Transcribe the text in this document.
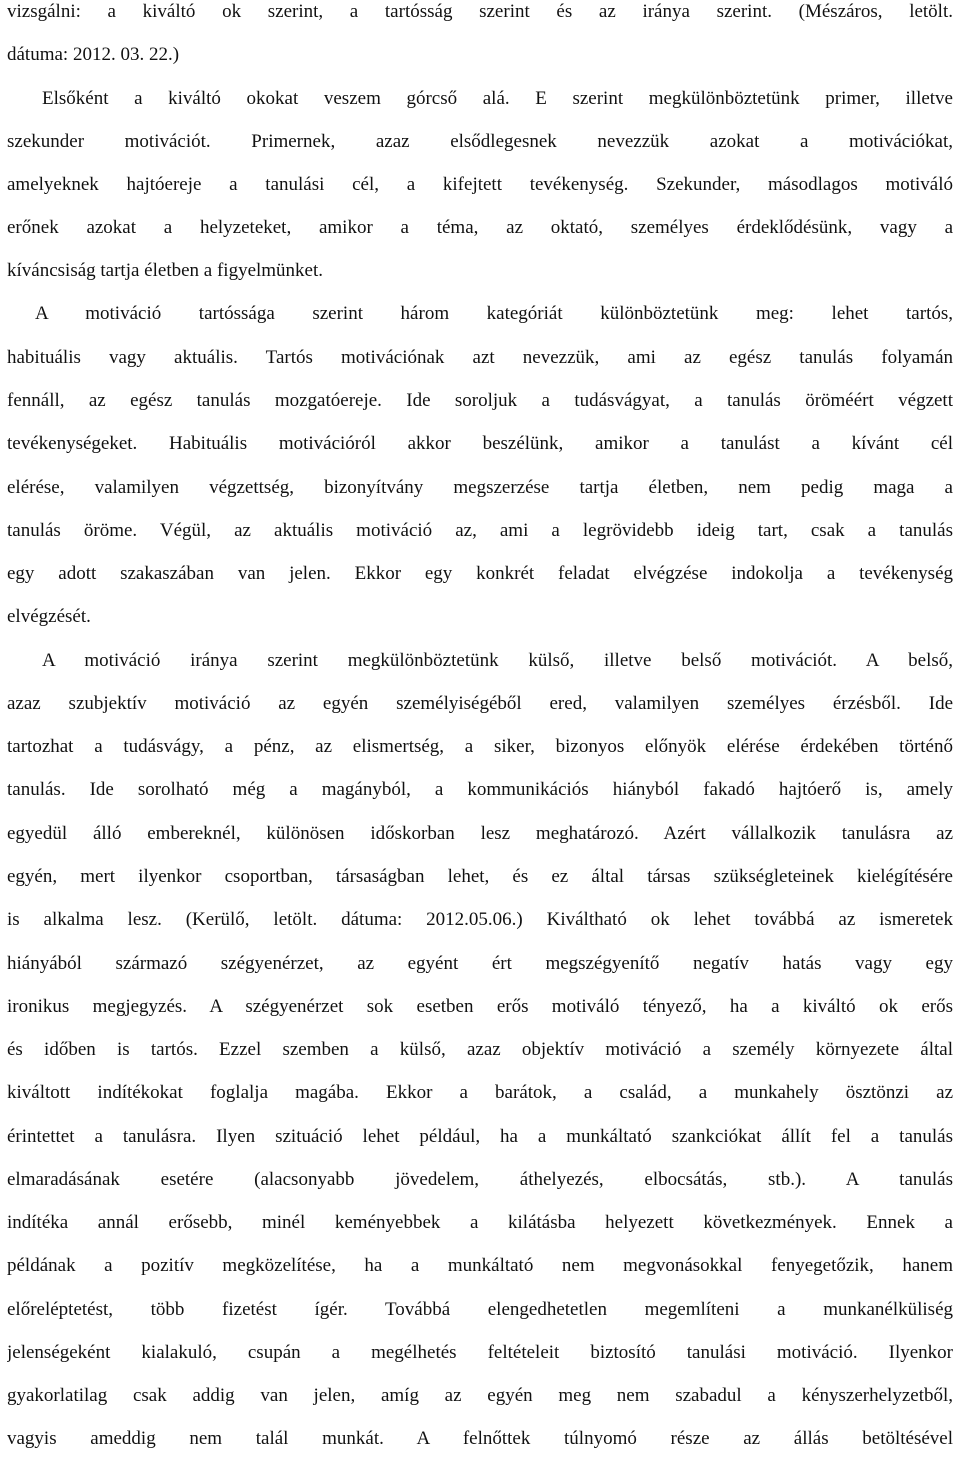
vizsgálni: a kiváltó ok szerint, a tartósság szerint és az iránya szerint. (Mészáros, letölt.
dátuma: 2012. 03. 22.)
Elsőként a kiváltó okokat veszem górcső alá. E szerint megkülönböztetünk primer, illetve
szekunder motivációt. Primernek, azaz elsődlegesnek nevezzük azokat a motivációkat,
amelyeknek hajtóereje a tanulási cél, a kifejtett tevékenység. Szekunder, másodlagos motiváló
erőnek azokat a helyzeteket, amikor a téma, az oktató, személyes érdeklődésünk, vagy a
kíváncsiság tartja életben a figyelmünket.
A motiváció tartóssága szerint három kategóriát különböztetünk meg: lehet tartós,
habituális vagy aktuális. Tartós motivációnak azt nevezzük, ami az egész tanulás folyamán
fennáll, az egész tanulás mozgatóereje. Ide soroljuk a tudásvágyat, a tanulás öröméért végzett
tevékenységeket. Habituális motivációról akkor beszélünk, amikor a tanulást a kívánt cél
elérése, valamilyen végzettség, bizonyítvány megszerzése tartja életben, nem pedig maga a
tanulás öröme. Végül, az aktuális motiváció az, ami a legrövidebb ideig tart, csak a tanulás
egy adott szakaszában van jelen. Ekkor egy konkrét feladat elvégzése indokolja a tevékenység
elvégzését.
A motiváció iránya szerint megkülönböztetünk külső, illetve belső motivációt. A belső,
azaz szubjektív motiváció az egyén személyiségéből ered, valamilyen személyes érzésből. Ide
tartozhat a tudásvágy, a pénz, az elismertség, a siker, bizonyos előnyök elérése érdekében történő
tanulás. Ide sorolható még a magányból, a kommunikációs hiányból fakadó hajtóerő is, amely
egyedül álló embereknél, különösen időskorban lesz meghatározó. Azért vállalkozik tanulásra az
egyén, mert ilyenkor csoportban, társaságban lehet, és ez által társas szükségleteinek kielégítésére
is alkalma lesz. (Kerülő, letölt. dátuma: 2012.05.06.) Kiváltható ok lehet továbbá az ismeretek
hiányából származó szégyenérzet, az egyént ért megszégyenítő negatív hatás vagy egy
ironikus megjegyzés. A szégyenérzet sok esetben erős motiváló tényező, ha a kiváltó ok erős
és időben is tartós. Ezzel szemben a külső, azaz objektív motiváció a személy környezete által
kiváltott indítékokat foglalja magába. Ekkor a barátok, a család, a munkahely ösztönzi az
érintettet a tanulásra. Ilyen szituáció lehet például, ha a munkáltató szankciókat állít fel a tanulás
elmaradásának esetére (alacsonyabb jövedelem, áthelyezés, elbocsátás, stb.). A tanulás
indítéka annál erősebb, minél keményebbek a kilátásba helyezett következmények. Ennek a
példának a pozitív megközelítése, ha a munkáltató nem megvonásokkal fenyegetőzik, hanem
előreléptetést, több fizetést ígér. Továbbá elengedhetetlen megemlíteni a munkanélküliség
jelenségeként kialakuló, csupán a megélhetés feltételeit biztosító tanulási motiváció. Ilyenkor
gyakorlatilag csak addig van jelen, amíg az egyén meg nem szabadul a kényszerhelyzetből,
vagyis ameddig nem talál munkát. A felnőttek túlnyomó része az állás betöltésével
